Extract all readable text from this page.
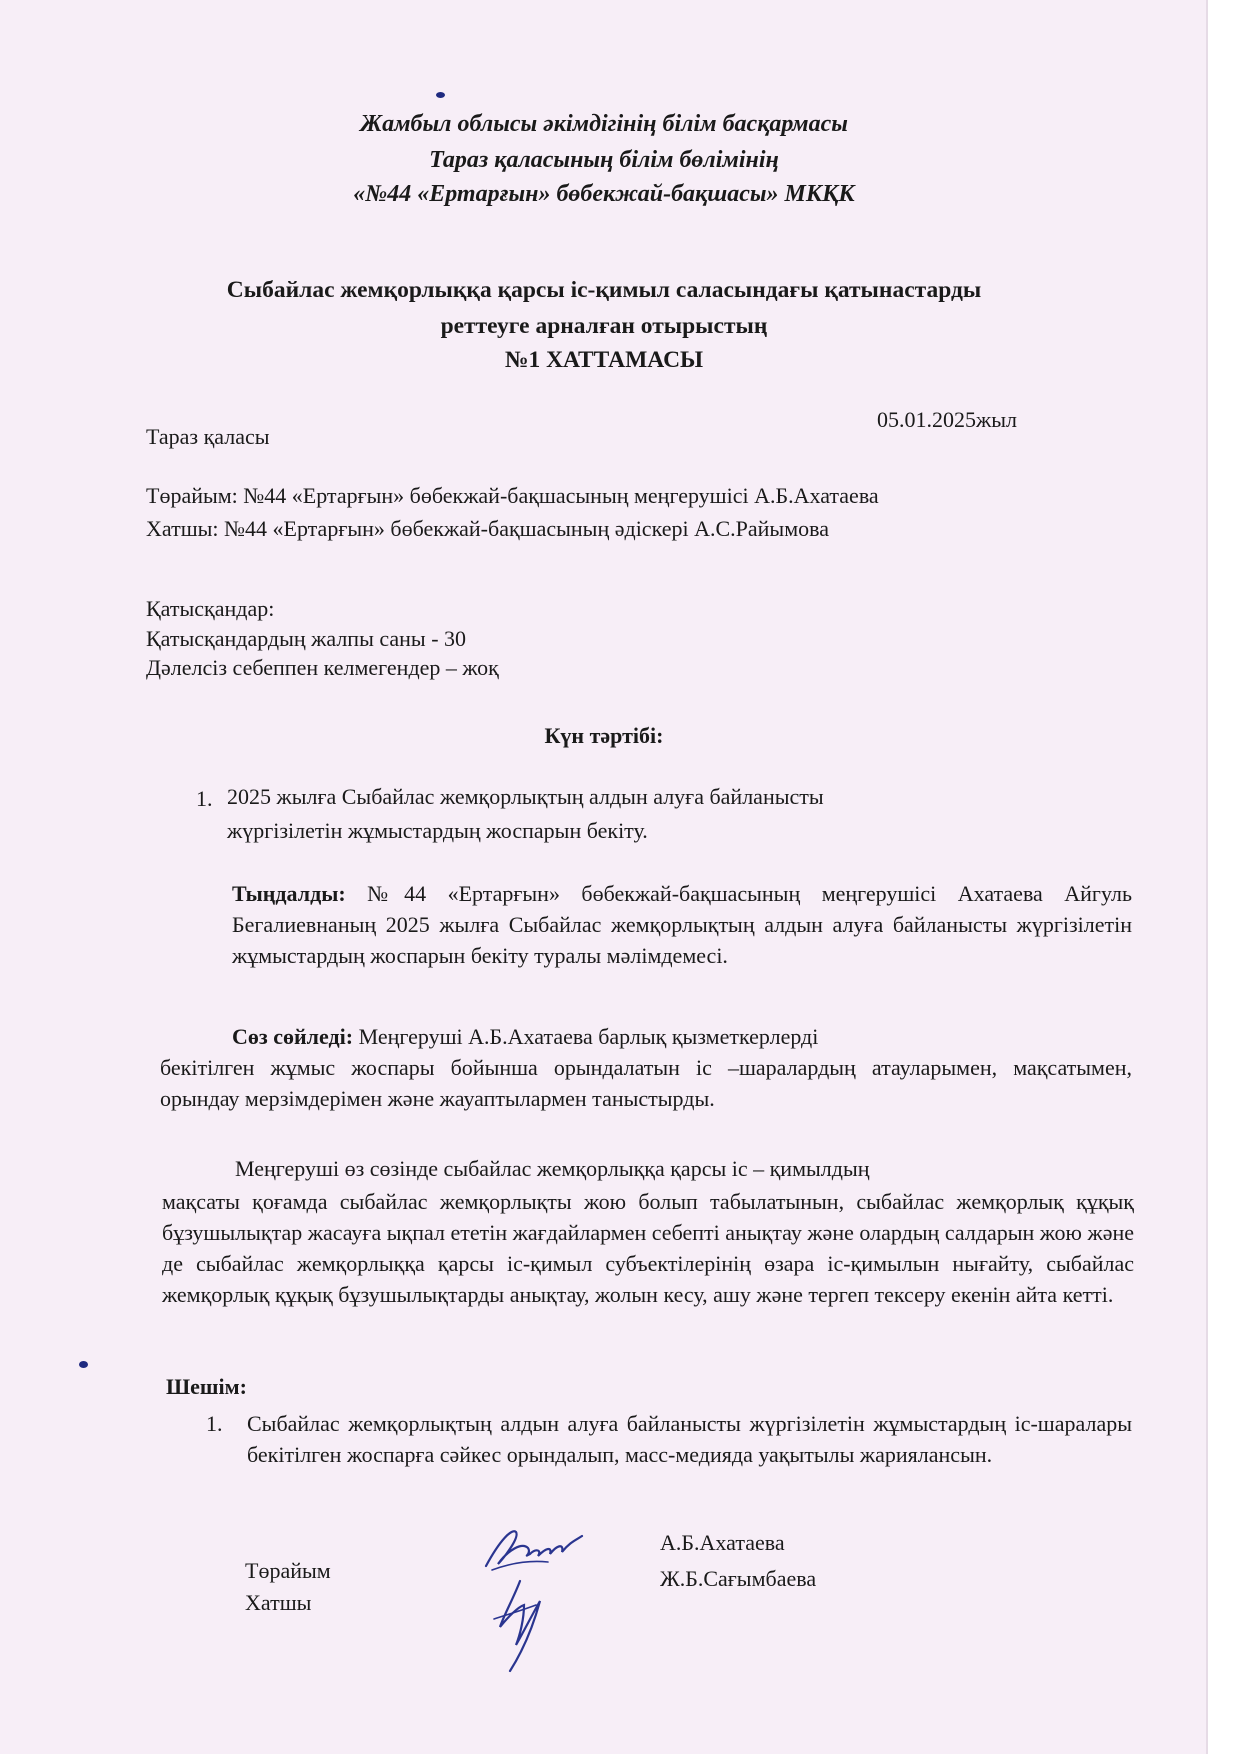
Жамбыл облысы әкімдігінің білім басқармасы
Тараз қаласының білім бөлімінің
«№44 «Ертарғын» бөбекжай-бақшасы» МКҚК
Сыбайлас жемқорлыққа қарсы іс-қимыл саласындағы қатынастарды
реттеуге арналған отырыстың
№1 ХАТТАМАСЫ
Тараз қаласы
05.01.2025жыл
Төрайым: №44 «Ертарғын» бөбекжай-бақшасының меңгерушісі А.Б.Ахатаева
Хатшы: №44 «Ертарғын» бөбекжай-бақшасының әдіскері А.С.Райымова
Қатысқандар:
Қатысқандардың жалпы саны - 30
Дәлелсіз себеппен келмегендер – жоқ
Күн тәртібі:
1. 2025 жылға Сыбайлас жемқорлықтың алдын алуға байланысты
жүргізілетін жұмыстардың жоспарын бекіту.
Тыңдалды: №44 «Ертарғын» бөбекжай-бақшасының меңгерушісі Ахатаева Айгуль Бегалиевнаның 2025 жылға Сыбайлас жемқорлықтың алдын алуға байланысты жүргізілетін жұмыстардың жоспарын бекіту туралы мәлімдемесі.
Сөз сөйледі: Меңгеруші А.Б.Ахатаева барлық қызметкерлерді
бекітілген жұмыс жоспары бойынша орындалатын іс –шаралардың атауларымен, мақсатымен, орындау мерзімдерімен және жауаптылармен таныстырды.
Меңгеруші өз сөзінде сыбайлас жемқорлыққа қарсы іс – қимылдың
мақсаты қоғамда сыбайлас жемқорлықты жою болып табылатынын, сыбайлас жемқорлық құқық бұзушылықтар жасауға ықпал ететін жағдайлармен себепті анықтау және олардың салдарын жою және де сыбайлас жемқорлыққа қарсы іс-қимыл субъектілерінің өзара іс-қимылын нығайту, сыбайлас жемқорлық құқық бұзушылықтарды анықтау, жолын кесу, ашу және тергеп тексеру екенін айта кетті.
Шешім:
1. Сыбайлас жемқорлықтың алдын алуға байланысты жүргізілетін жұмыстардың іс-шаралары бекітілген жоспарға сәйкес орындалып, масс-медияда уақытылы жариялансын.
Төрайым
Хатшы
А.Б.Ахатаева
Ж.Б.Сағымбаева
